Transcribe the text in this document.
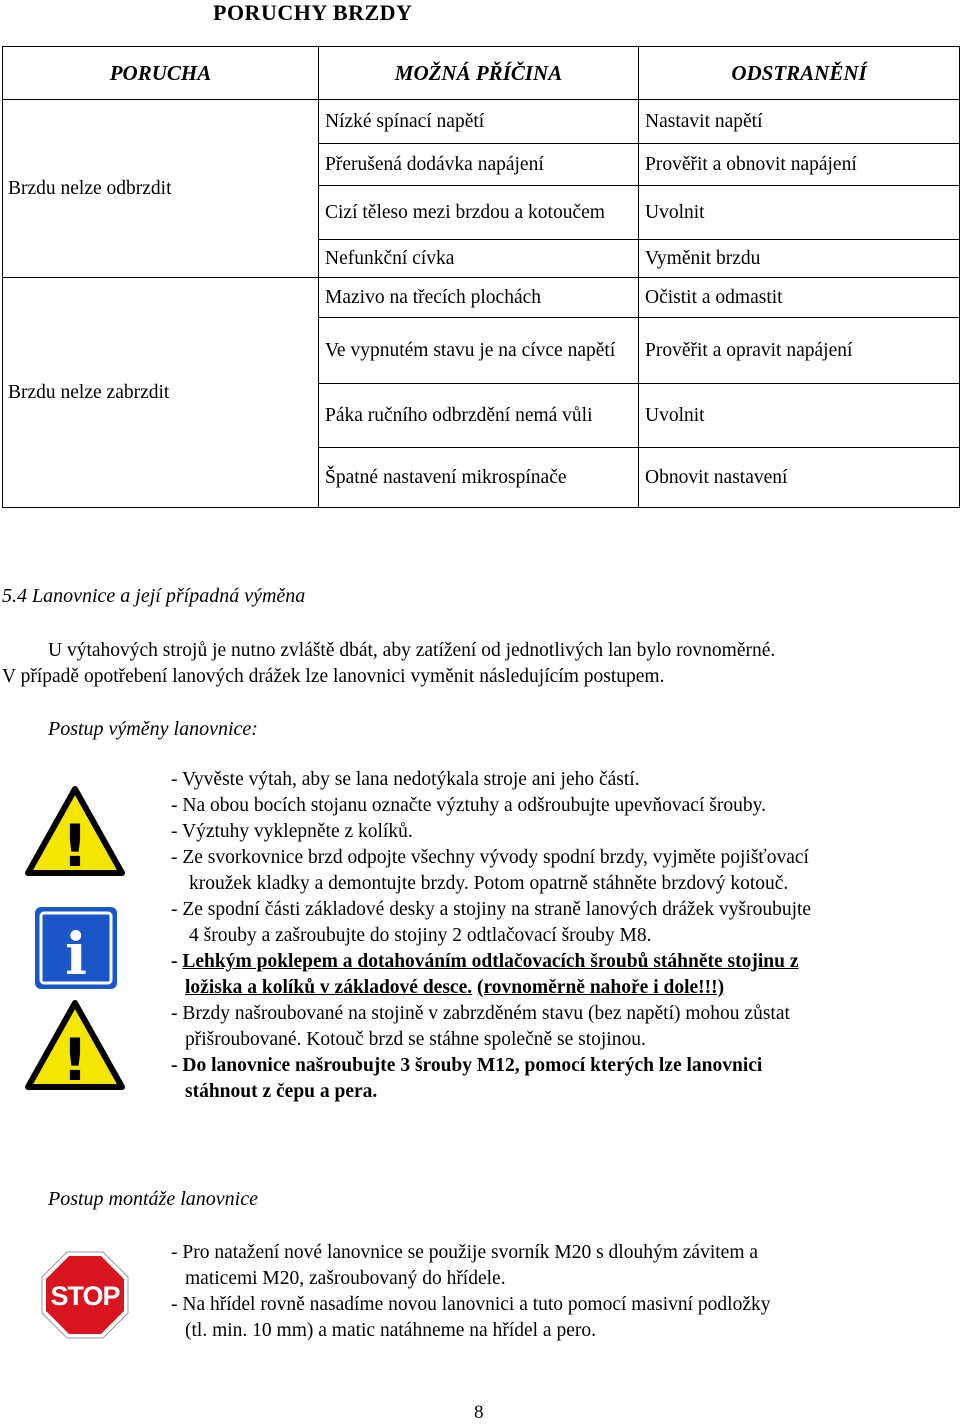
PORUCHY BRZDY
PORUCHA	MOŽNÁ PŘÍČINA	ODSTRANĚNÍ
Brzdu nelze odbrzdit	Nízké spínací napětí	Nastavit napětí
	Přerušená dodávka napájení	Prověřit a obnovit napájení
	Cizí těleso mezi brzdou a kotoučem	Uvolnit
	Nefunkční cívka	Vyměnit brzdu
Brzdu nelze zabrzdit	Mazivo na třecích plochách	Očistit a odmastit
	Ve vypnutém stavu je na cívce napětí	Prověřit a opravit napájení
	Páka ručního odbrzdění nemá vůli	Uvolnit
	Špatné nastavení mikrospínače	Obnovit nastavení
5.4 Lanovnice a její případná výměna
U výtahových strojů je nutno zvláště dbát, aby zatížení od jednotlivých lan bylo rovnoměrné.
V případě opotřebení lanových drážek lze lanovnici vyměnit následujícím postupem.
Postup výměny lanovnice:
!
i
!
- Vyvěste výtah, aby se lana nedotýkala stroje ani jeho částí.
- Na obou bocích stojanu označte výztuhy a odšroubujte upevňovací šrouby.
- Výztuhy vyklepněte z kolíků.
- Ze svorkovnice brzd odpojte všechny vývody spodní brzdy, vyjměte pojišťovací
kroužek kladky a demontujte brzdy. Potom opatrně stáhněte brzdový kotouč.
- Ze spodní části základové desky a stojiny na straně lanových drážek vyšroubujte
4 šrouby a zašroubujte do stojiny 2 odtlačovací šrouby M8.
- Lehkým poklepem a dotahováním odtlačovacích šroubů stáhněte stojinu z
ložiska a kolíků v základové desce. (rovnoměrně nahoře i dole!!!)
- Brzdy našroubované na stojině v zabrzděném stavu (bez napětí) mohou zůstat
přišroubované. Kotouč brzd se stáhne společně se stojinou.
- Do lanovnice našroubujte 3 šrouby M12, pomocí kterých lze lanovnici
stáhnout z čepu a pera.
Postup montáže lanovnice
STOP
- Pro natažení nové lanovnice se použije svorník M20 s dlouhým závitem a
maticemi M20, zašroubovaný do hřídele.
- Na hřídel rovně nasadíme novou lanovnici a tuto pomocí masivní podložky
(tl. min. 10 mm) a matic natáhneme na hřídel a pero.
8
